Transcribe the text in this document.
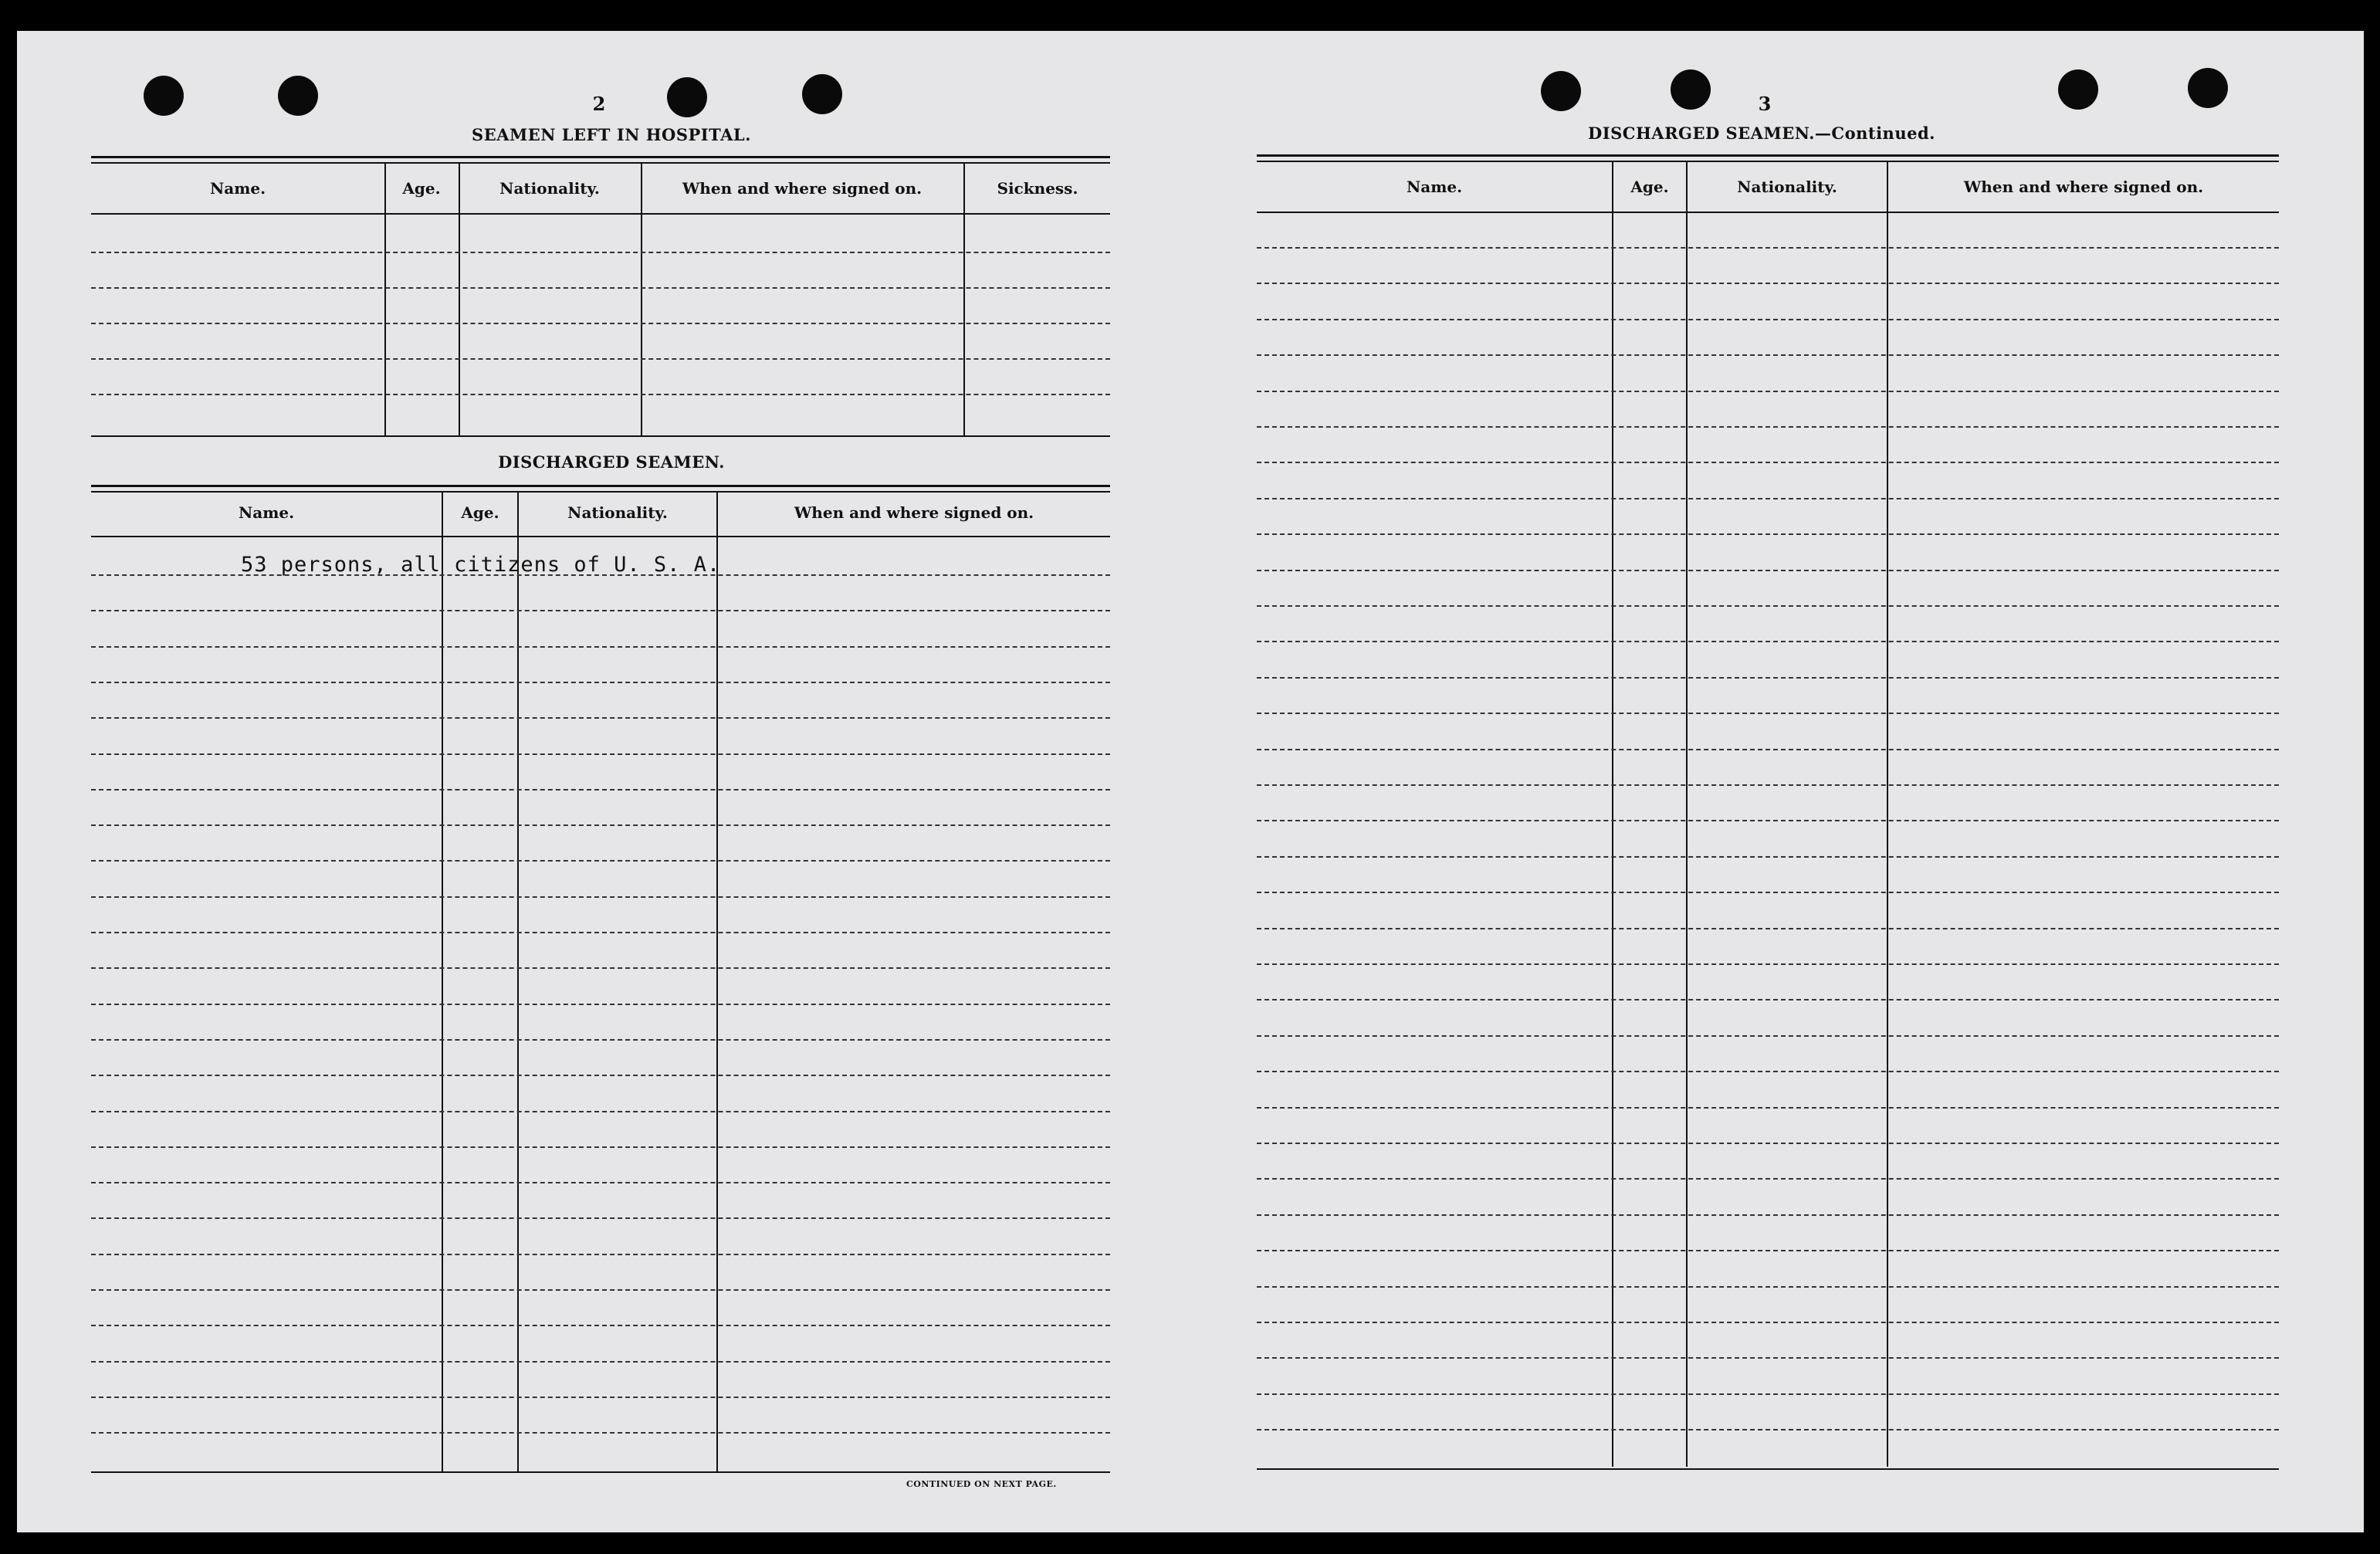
2
SEAMEN LEFT IN HOSPITAL.
Name.	Age.	Nationality.	When and where signed on.	Sickness.
DISCHARGED SEAMEN.
Name.	Age.	Nationality.	When and where signed on.
53 persons, all citizens of U. S. A.
CONTINUED ON NEXT PAGE.
3
DISCHARGED SEAMEN.—Continued.
Name.	Age.	Nationality.	When and where signed on.
